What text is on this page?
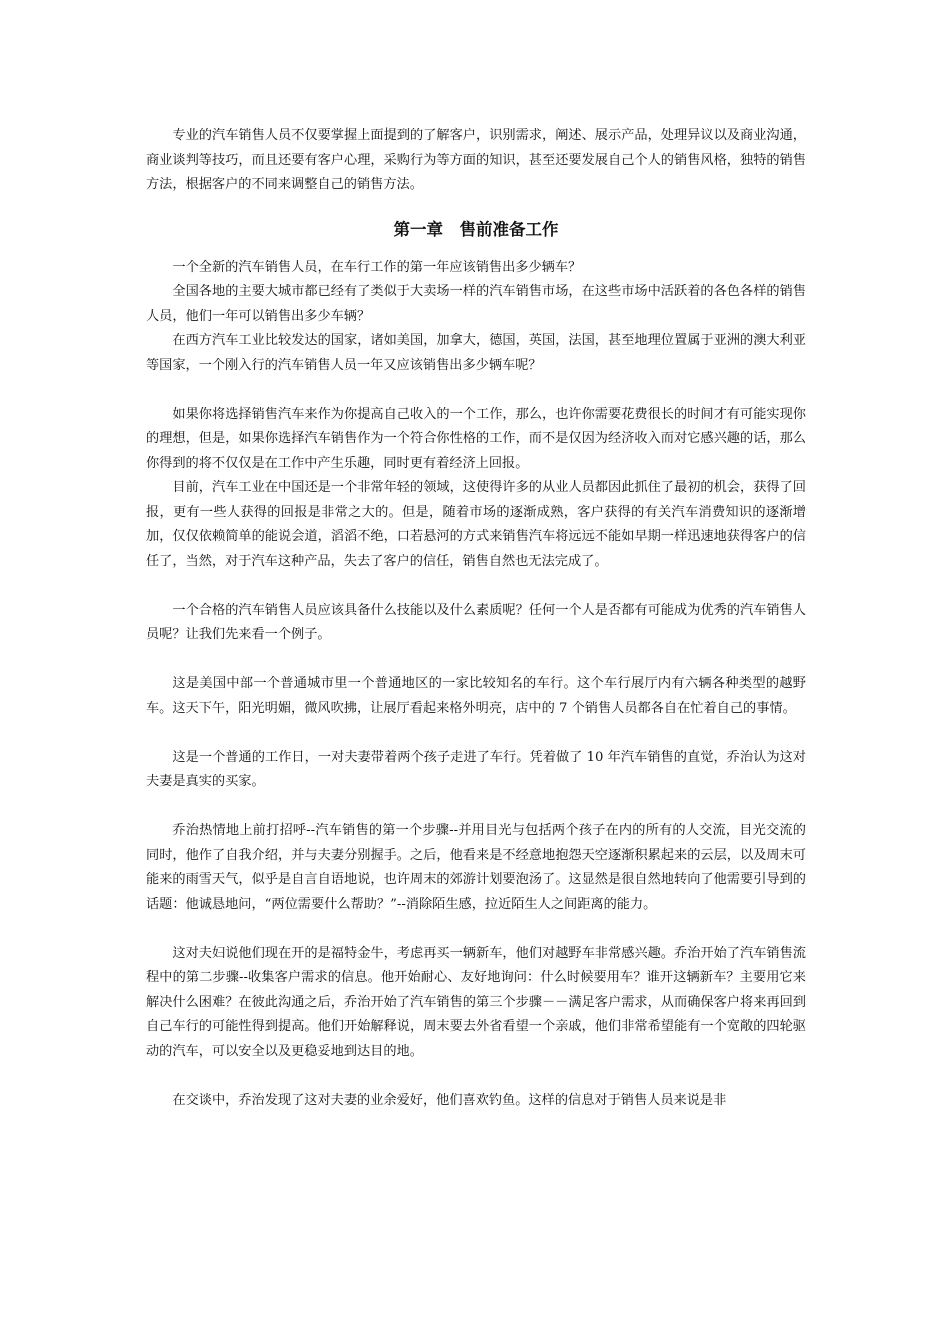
专业的汽车销售人员不仅要掌握上面提到的了解客户，识别需求，阐述、展示产品，处理异议以及商业沟通，商业谈判等技巧，而且还要有客户心理，采购行为等方面的知识，甚至还要发展自己个人的销售风格，独特的销售方法，根据客户的不同来调整自己的销售方法。

第一章　售前准备工作

一个全新的汽车销售人员，在车行工作的第一年应该销售出多少辆车？

全国各地的主要大城市都已经有了类似于大卖场一样的汽车销售市场，在这些市场中活跃着的各色各样的销售人员，他们一年可以销售出多少车辆？

在西方汽车工业比较发达的国家，诸如美国，加拿大，德国，英国，法国，甚至地理位置属于亚洲的澳大利亚等国家，一个刚入行的汽车销售人员一年又应该销售出多少辆车呢？

如果你将选择销售汽车来作为你提高自己收入的一个工作，那么，也许你需要花费很长的时间才有可能实现你的理想，但是，如果你选择汽车销售作为一个符合你性格的工作，而不是仅因为经济收入而对它感兴趣的话，那么你得到的将不仅仅是在工作中产生乐趣，同时更有着经济上回报。

目前，汽车工业在中国还是一个非常年轻的领域，这使得许多的从业人员都因此抓住了最初的机会，获得了回报，更有一些人获得的回报是非常之大的。但是，随着市场的逐渐成熟，客户获得的有关汽车消费知识的逐渐增加，仅仅依赖简单的能说会道，滔滔不绝，口若悬河的方式来销售汽车将远远不能如早期一样迅速地获得客户的信任了，当然，对于汽车这种产品，失去了客户的信任，销售自然也无法完成了。

一个合格的汽车销售人员应该具备什么技能以及什么素质呢？任何一个人是否都有可能成为优秀的汽车销售人员呢？让我们先来看一个例子。

这是美国中部一个普通城市里一个普通地区的一家比较知名的车行。这个车行展厅内有六辆各种类型的越野车。这天下午，阳光明媚，微风吹拂，让展厅看起来格外明亮，店中的 7 个销售人员都各自在忙着自己的事情。

这是一个普通的工作日，一对夫妻带着两个孩子走进了车行。凭着做了 10 年汽车销售的直觉，乔治认为这对夫妻是真实的买家。

乔治热情地上前打招呼--汽车销售的第一个步骤--并用目光与包括两个孩子在内的所有的人交流，目光交流的同时，他作了自我介绍，并与夫妻分别握手。之后，他看来是不经意地抱怨天空逐渐积累起来的云层，以及周末可能来的雨雪天气，似乎是自言自语地说，也许周末的郊游计划要泡汤了。这显然是很自然地转向了他需要引导到的话题：他诚恳地问，“两位需要什么帮助？”--消除陌生感，拉近陌生人之间距离的能力。

这对夫妇说他们现在开的是福特金牛，考虑再买一辆新车，他们对越野车非常感兴趣。乔治开始了汽车销售流程中的第二步骤--收集客户需求的信息。他开始耐心、友好地询问：什么时候要用车？谁开这辆新车？主要用它来解决什么困难？在彼此沟通之后，乔治开始了汽车销售的第三个步骤－－满足客户需求，从而确保客户将来再回到自己车行的可能性得到提高。他们开始解释说，周末要去外省看望一个亲戚，他们非常希望能有一个宽敞的四轮驱动的汽车，可以安全以及更稳妥地到达目的地。

在交谈中，乔治发现了这对夫妻的业余爱好，他们喜欢钓鱼。这样的信息对于销售人员来说是非
